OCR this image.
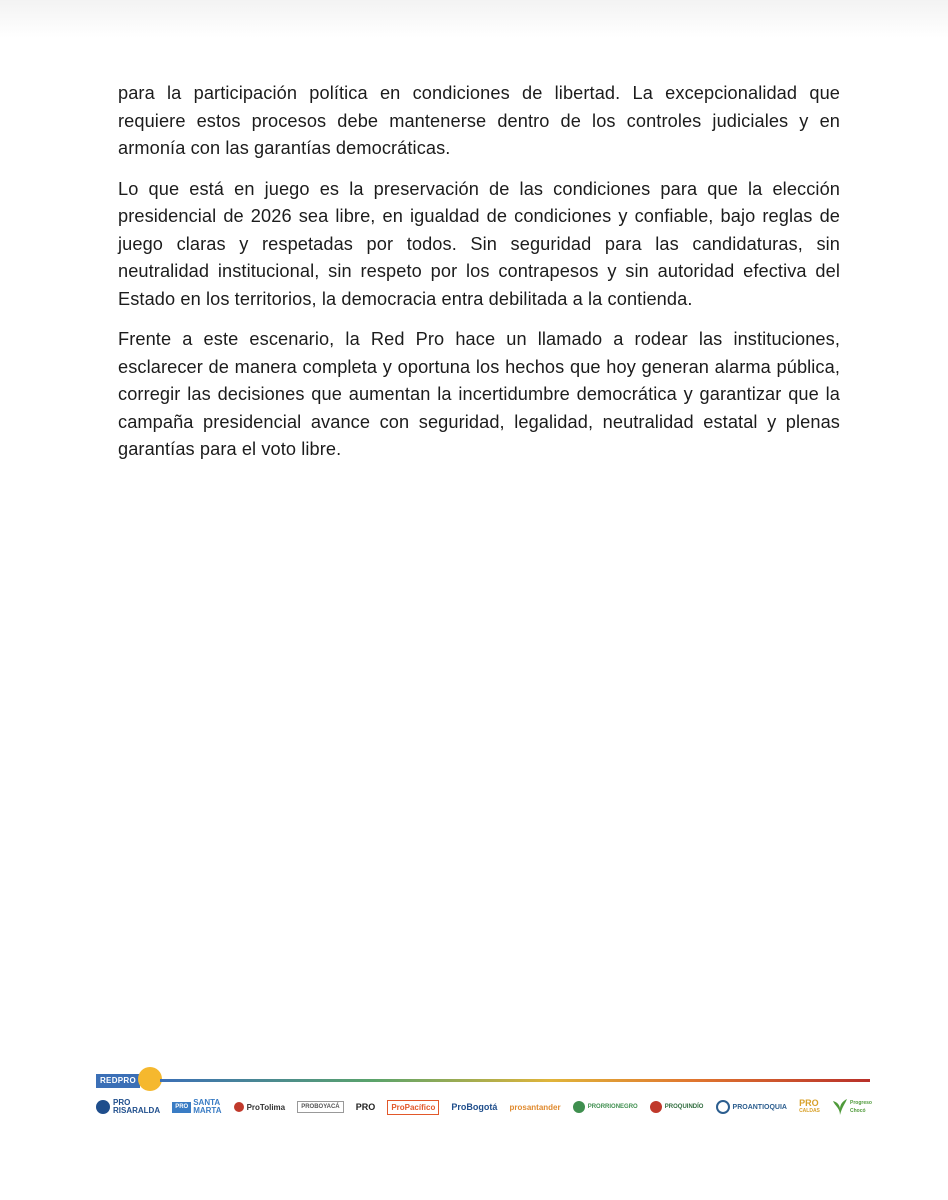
para la participación política en condiciones de libertad. La excepcionalidad que requiere estos procesos debe mantenerse dentro de los controles judiciales y en armonía con las garantías democráticas.

Lo que está en juego es la preservación de las condiciones para que la elección presidencial de 2026 sea libre, en igualdad de condiciones y confiable, bajo reglas de juego claras y respetadas por todos. Sin seguridad para las candidaturas, sin neutralidad institucional, sin respeto por los contrapesos y sin autoridad efectiva del Estado en los territorios, la democracia entra debilitada a la contienda.

Frente a este escenario, la Red Pro hace un llamado a rodear las instituciones, esclarecer de manera completa y oportuna los hechos que hoy generan alarma pública, corregir las decisiones que aumentan la incertidumbre democrática y garantizar que la campaña presidencial avance con seguridad, legalidad, neutralidad estatal y plenas garantías para el voto libre.

REDPRO
PRO
RISARALDA	PRO SANTA
MARTA	ProTolima	PROBOYACÁ	PRO	ProPacífico	ProBogotá prosantander	PRORRIONEGRO	PROQUINDÍO	PROANTIOQUIA PRO
CALDAS
Progreso
Chocó
